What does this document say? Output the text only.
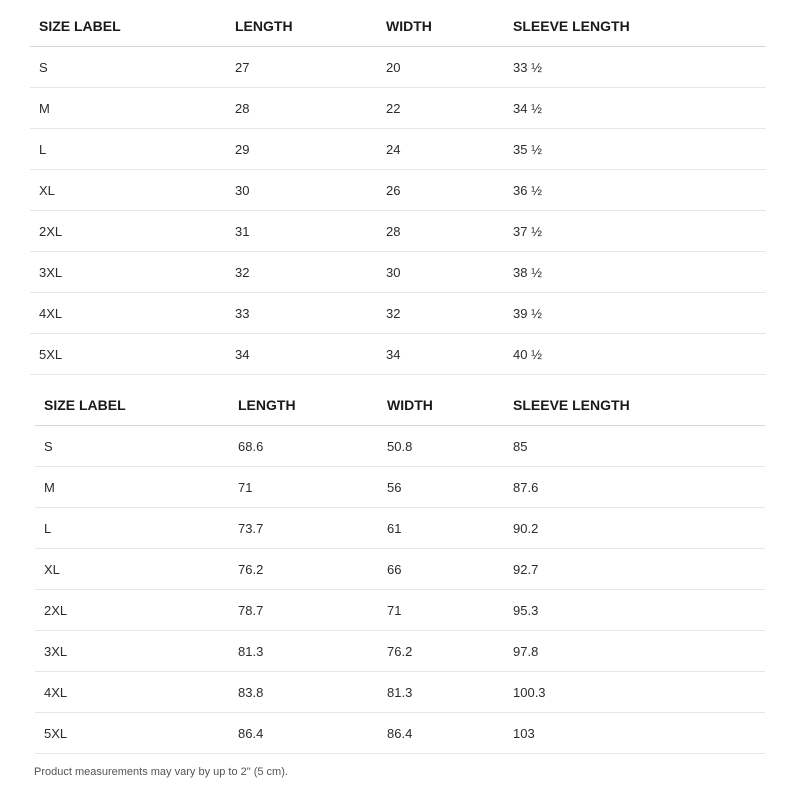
SIZE LABEL	LENGTH	WIDTH	SLEEVE LENGTH
S	27	20	33 ½
M	28	22	34 ½
L	29	24	35 ½
XL	30	26	36 ½
2XL	31	28	37 ½
3XL	32	30	38 ½
4XL	33	32	39 ½
5XL	34	34	40 ½
SIZE LABEL	LENGTH	WIDTH	SLEEVE LENGTH
S	68.6	50.8	85
M	71	56	87.6
L	73.7	61	90.2
XL	76.2	66	92.7
2XL	78.7	71	95.3
3XL	81.3	76.2	97.8
4XL	83.8	81.3	100.3
5XL	86.4	86.4	103
Product measurements may vary by up to 2" (5 cm).
